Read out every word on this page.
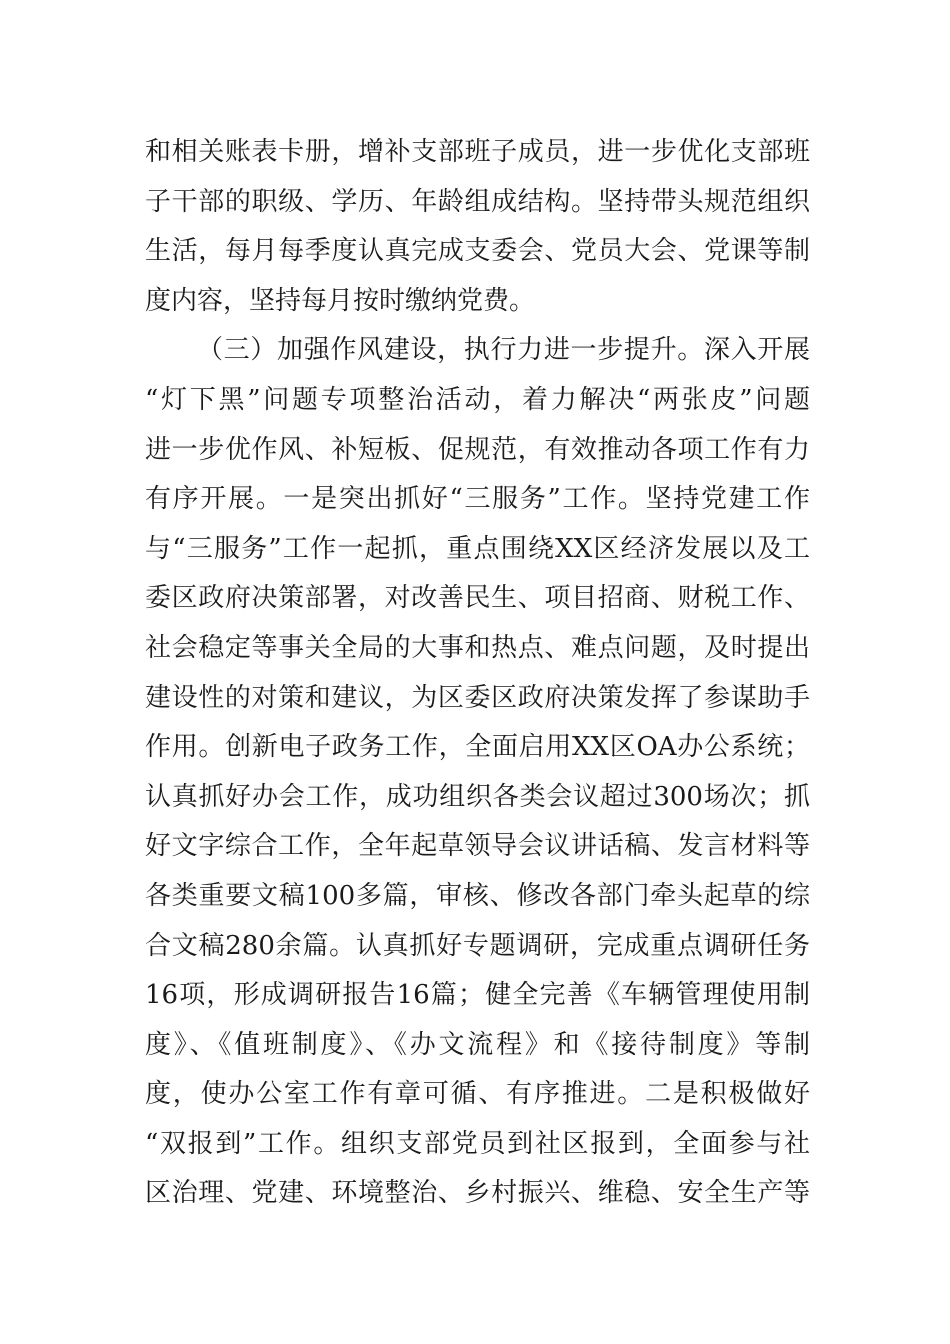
和相关账表卡册，增补支部班子成员，进一步优化支部班
子干部的职级、学历、年龄组成结构。坚持带头规范组织
生活，每月每季度认真完成支委会、党员大会、党课等制
度内容，坚持每月按时缴纳党费。
（三）加强作风建设，执行力进一步提升。深入开展
“灯下黑”问题专项整治活动，着力解决“两张皮”问题
进一步优作风、补短板、促规范，有效推动各项工作有力
有序开展。一是突出抓好“三服务”工作。坚持党建工作
与“三服务”工作一起抓，重点围绕XX区经济发展以及工
委区政府决策部署，对改善民生、项目招商、财税工作、
社会稳定等事关全局的大事和热点、难点问题，及时提出
建设性的对策和建议，为区委区政府决策发挥了参谋助手
作用。创新电子政务工作，全面启用XX区OA办公系统；
认真抓好办会工作，成功组织各类会议超过300场次；抓
好文字综合工作，全年起草领导会议讲话稿、发言材料等
各类重要文稿100多篇，审核、修改各部门牵头起草的综
合文稿280余篇。认真抓好专题调研，完成重点调研任务
16项，形成调研报告16篇；健全完善《车辆管理使用制
度》、《值班制度》、《办文流程》和《接待制度》等制
度，使办公室工作有章可循、有序推进。二是积极做好
“双报到”工作。组织支部党员到社区报到，全面参与社
区治理、党建、环境整治、乡村振兴、维稳、安全生产等
